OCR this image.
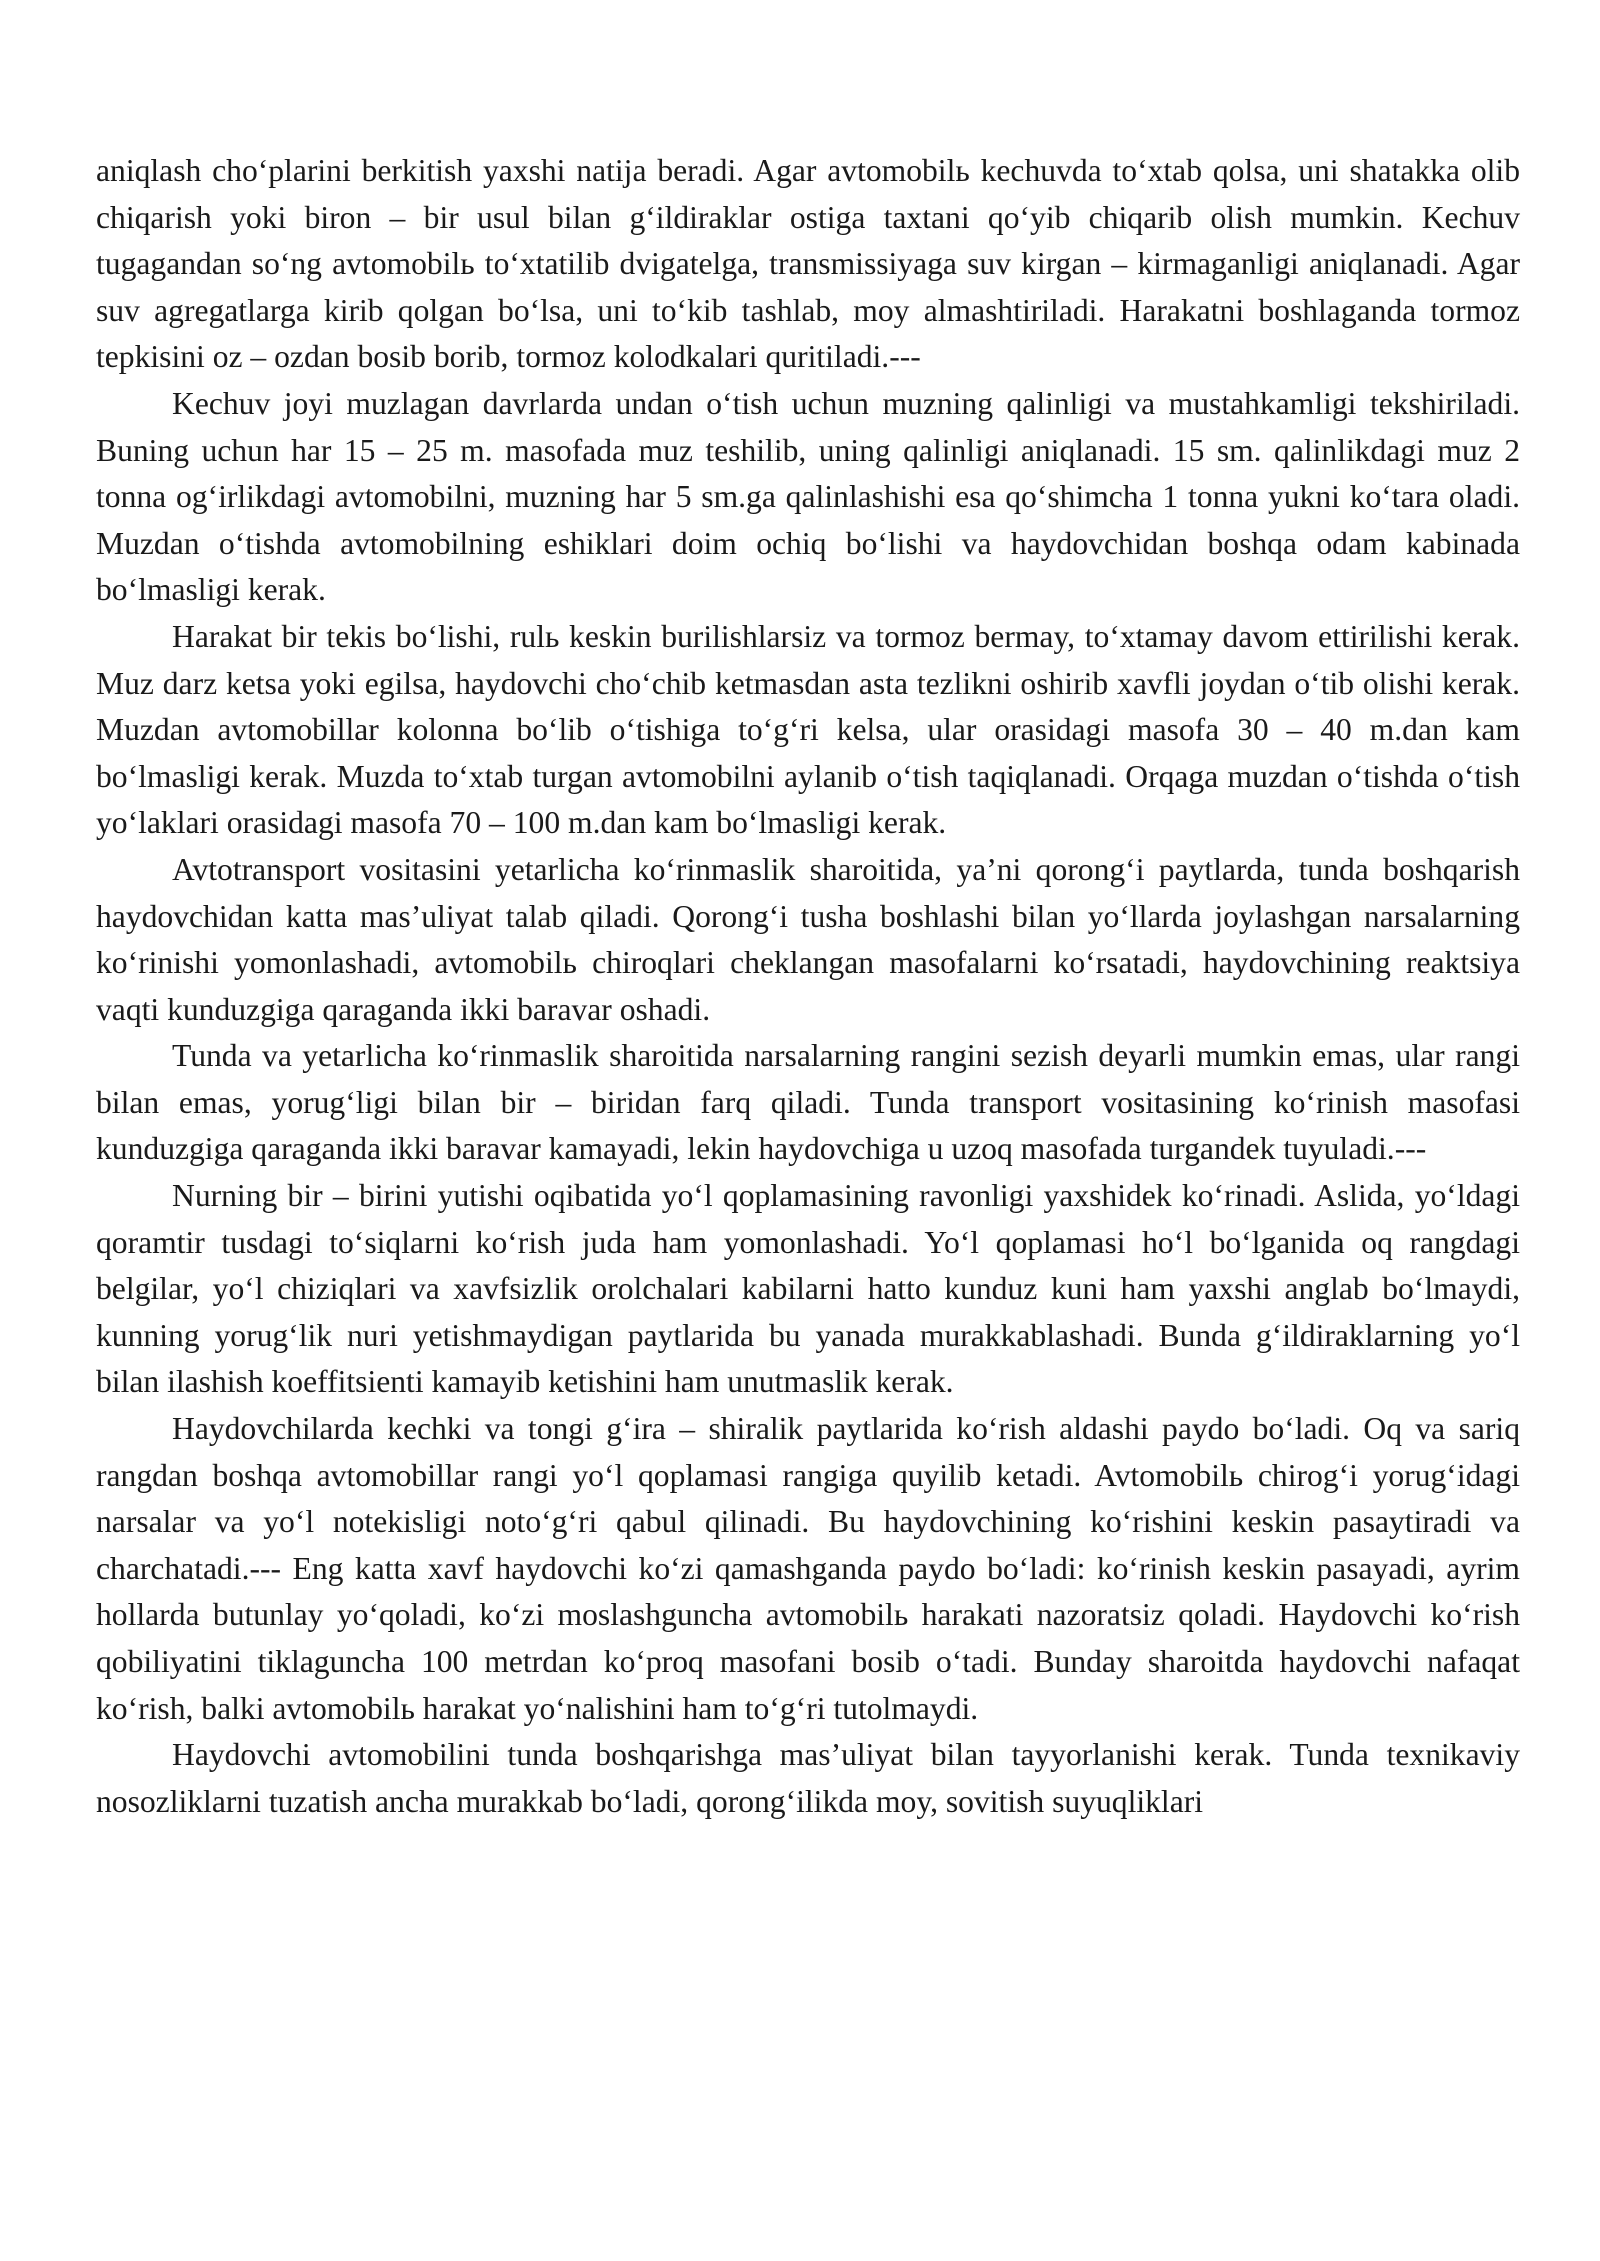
aniqlash cho‘plarini berkitish yaxshi natija beradi. Agar avtomobilь kechuvda to‘xtab qolsa, uni shatakka olib chiqarish yoki biron – bir usul bilan g‘ildiraklar ostiga taxtani qo‘yib chiqarib olish mumkin. Kechuv tugagandan so‘ng avtomobilь to‘xtatilib dvigatelga, transmissiyaga suv kirgan – kirmaganligi aniqlanadi. Agar suv agregatlarga kirib qolgan bo‘lsa, uni to‘kib tashlab, moy almashtiriladi. Harakatni boshlaganda tormoz tepkisini oz – ozdan bosib borib, tormoz kolodkalari quritiladi.---

Kechuv joyi muzlagan davrlarda undan o‘tish uchun muzning qalinligi va mustahkamligi tekshiriladi. Buning uchun har 15 – 25 m. masofada muz teshilib, uning qalinligi aniqlanadi. 15 sm. qalinlikdagi muz 2 tonna og‘irlikdagi avtomobilni, muzning har 5 sm.ga qalinlashishi esa qo‘shimcha 1 tonna yukni ko‘tara oladi. Muzdan o‘tishda avtomobilning eshiklari doim ochiq bo‘lishi va haydovchidan boshqa odam kabinada bo‘lmasligi kerak.

Harakat bir tekis bo‘lishi, rulь keskin burilishlarsiz va tormoz bermay, to‘xtamay davom ettirilishi kerak. Muz darz ketsa yoki egilsa, haydovchi cho‘chib ketmasdan asta tezlikni oshirib xavfli joydan o‘tib olishi kerak. Muzdan avtomobillar kolonna bo‘lib o‘tishiga to‘g‘ri kelsa, ular orasidagi masofa 30 – 40 m.dan kam bo‘lmasligi kerak. Muzda to‘xtab turgan avtomobilni aylanib o‘tish taqiqlanadi. Orqaga muzdan o‘tishda o‘tish yo‘laklari orasidagi masofa 70 – 100 m.dan kam bo‘lmasligi kerak.

Avtotransport vositasini yetarlicha ko‘rinmaslik sharoitida, ya’ni qorong‘i paytlarda, tunda boshqarish haydovchidan katta mas’uliyat talab qiladi. Qorong‘i tusha boshlashi bilan yo‘llarda joylashgan narsalarning ko‘rinishi yomonlashadi, avtomobilь chiroqlari cheklangan masofalarni ko‘rsatadi, haydovchining reaktsiya vaqti kunduzgiga qaraganda ikki baravar oshadi.

Tunda va yetarlicha ko‘rinmaslik sharoitida narsalarning rangini sezish deyarli mumkin emas, ular rangi bilan emas, yorug‘ligi bilan bir – biridan farq qiladi. Tunda transport vositasining ko‘rinish masofasi kunduzgiga qaraganda ikki baravar kamayadi, lekin haydovchiga u uzoq masofada turgandek tuyuladi.---

Nurning bir – birini yutishi oqibatida yo‘l qoplamasining ravonligi yaxshidek ko‘rinadi. Aslida, yo‘ldagi qoramtir tusdagi to‘siqlarni ko‘rish juda ham yomonlashadi. Yo‘l qoplamasi ho‘l bo‘lganida oq rangdagi belgilar, yo‘l chiziqlari va xavfsizlik orolchalari kabilarni hatto kunduz kuni ham yaxshi anglab bo‘lmaydi, kunning yorug‘lik nuri yetishmaydigan paytlarida bu yanada murakkablashadi. Bunda g‘ildiraklarning yo‘l bilan ilashish koeffitsienti kamayib ketishini ham unutmaslik kerak.

Haydovchilarda kechki va tongi g‘ira – shiralik paytlarida ko‘rish aldashi paydo bo‘ladi. Oq va sariq rangdan boshqa avtomobillar rangi yo‘l qoplamasi rangiga quyilib ketadi. Avtomobilь chirog‘i yorug‘idagi narsalar va yo‘l notekisligi noto‘g‘ri qabul qilinadi. Bu haydovchining ko‘rishini keskin pasaytiradi va charchatadi.--- Eng katta xavf haydovchi ko‘zi qamashganda paydo bo‘ladi: ko‘rinish keskin pasayadi, ayrim hollarda butunlay yo‘qoladi, ko‘zi moslashguncha avtomobilь harakati nazoratsiz qoladi. Haydovchi ko‘rish qobiliyatini tiklaguncha 100 metrdan ko‘proq masofani bosib o‘tadi. Bunday sharoitda haydovchi nafaqat ko‘rish, balki avtomobilь harakat yo‘nalishini ham to‘g‘ri tutolmaydi.

Haydovchi avtomobilini tunda boshqarishga mas’uliyat bilan tayyorlanishi kerak. Tunda texnikaviy nosozliklarni tuzatish ancha murakkab bo‘ladi, qorong‘ilikda moy, sovitish suyuqliklari
